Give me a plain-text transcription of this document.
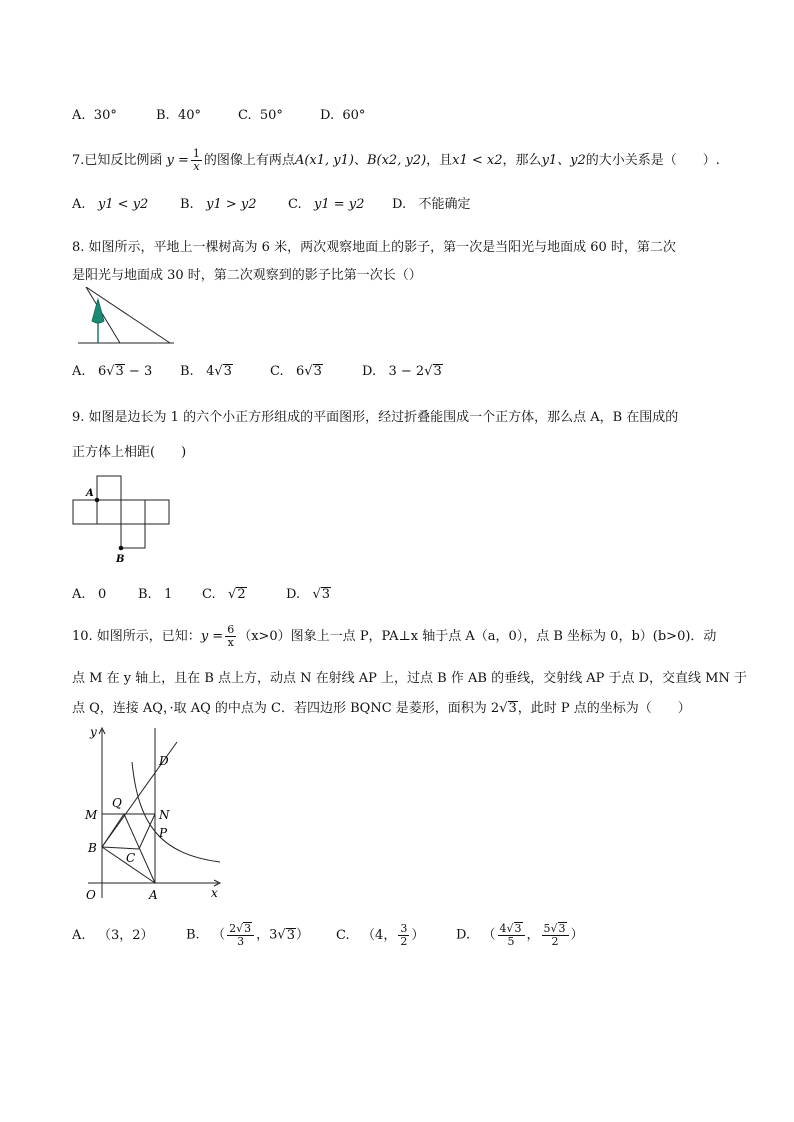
A. 30°	B. 40°	C. 50°	D. 60°
7.已知反比例函 $y = \frac{1}{x}$ 的图像上有两点A(x1, y1)、B(x2, y2)，且x1 < x2，那么y1、y2的大小关系是（　　）.
A. y1 < y2 B. y1 > y2 C. y1 = y2 D. 不能确定
8. 如图所示，平地上一棵树高为 6 米，两次观察地面上的影子，第一次是当阳光与地面成 60 时，第二次
是阳光与地面成 30 时，第二次观察到的影子比第一次长（）
A. 6√3 − 3 B. 4√3	C. 6√3	D. 3 − 2√3
9. 如图是边长为 1 的六个小正方形组成的平面图形，经过折叠能围成一个正方体，那么点 A，B 在围成的
正方体上相距(　　)
A
B
A. 0 B. 1 C.   √2	D.   √3
10. 如图所示，已知：$y = \frac{6}{x} (x>0)$图象上一点 P，PA⊥x 轴于点 A（a，0），点 B 坐标为 0，b）(b>0)．动
点 M 在 y 轴上，且在 B 点上方，动点 N 在射线 AP 上，过点 B 作 AB 的垂线，交射线 AP 于点 D，交直线 MN 于
点 Q，连接 AQ，·取 AQ 的中点为 C．若四边形 BQNC 是菱形，面积为 2√3，此时 P 点的坐标为（　　）
y
x
O
M
Q
N
D
P
B
C
A
A. （3，2）	B.   （ $\frac{2√3}{3}$ ，3√3） C.   （4， $\frac{3}{2}$ ） D.   （ $\frac{4√3}{5}$ ， $\frac{5√3}{2}$ ）
